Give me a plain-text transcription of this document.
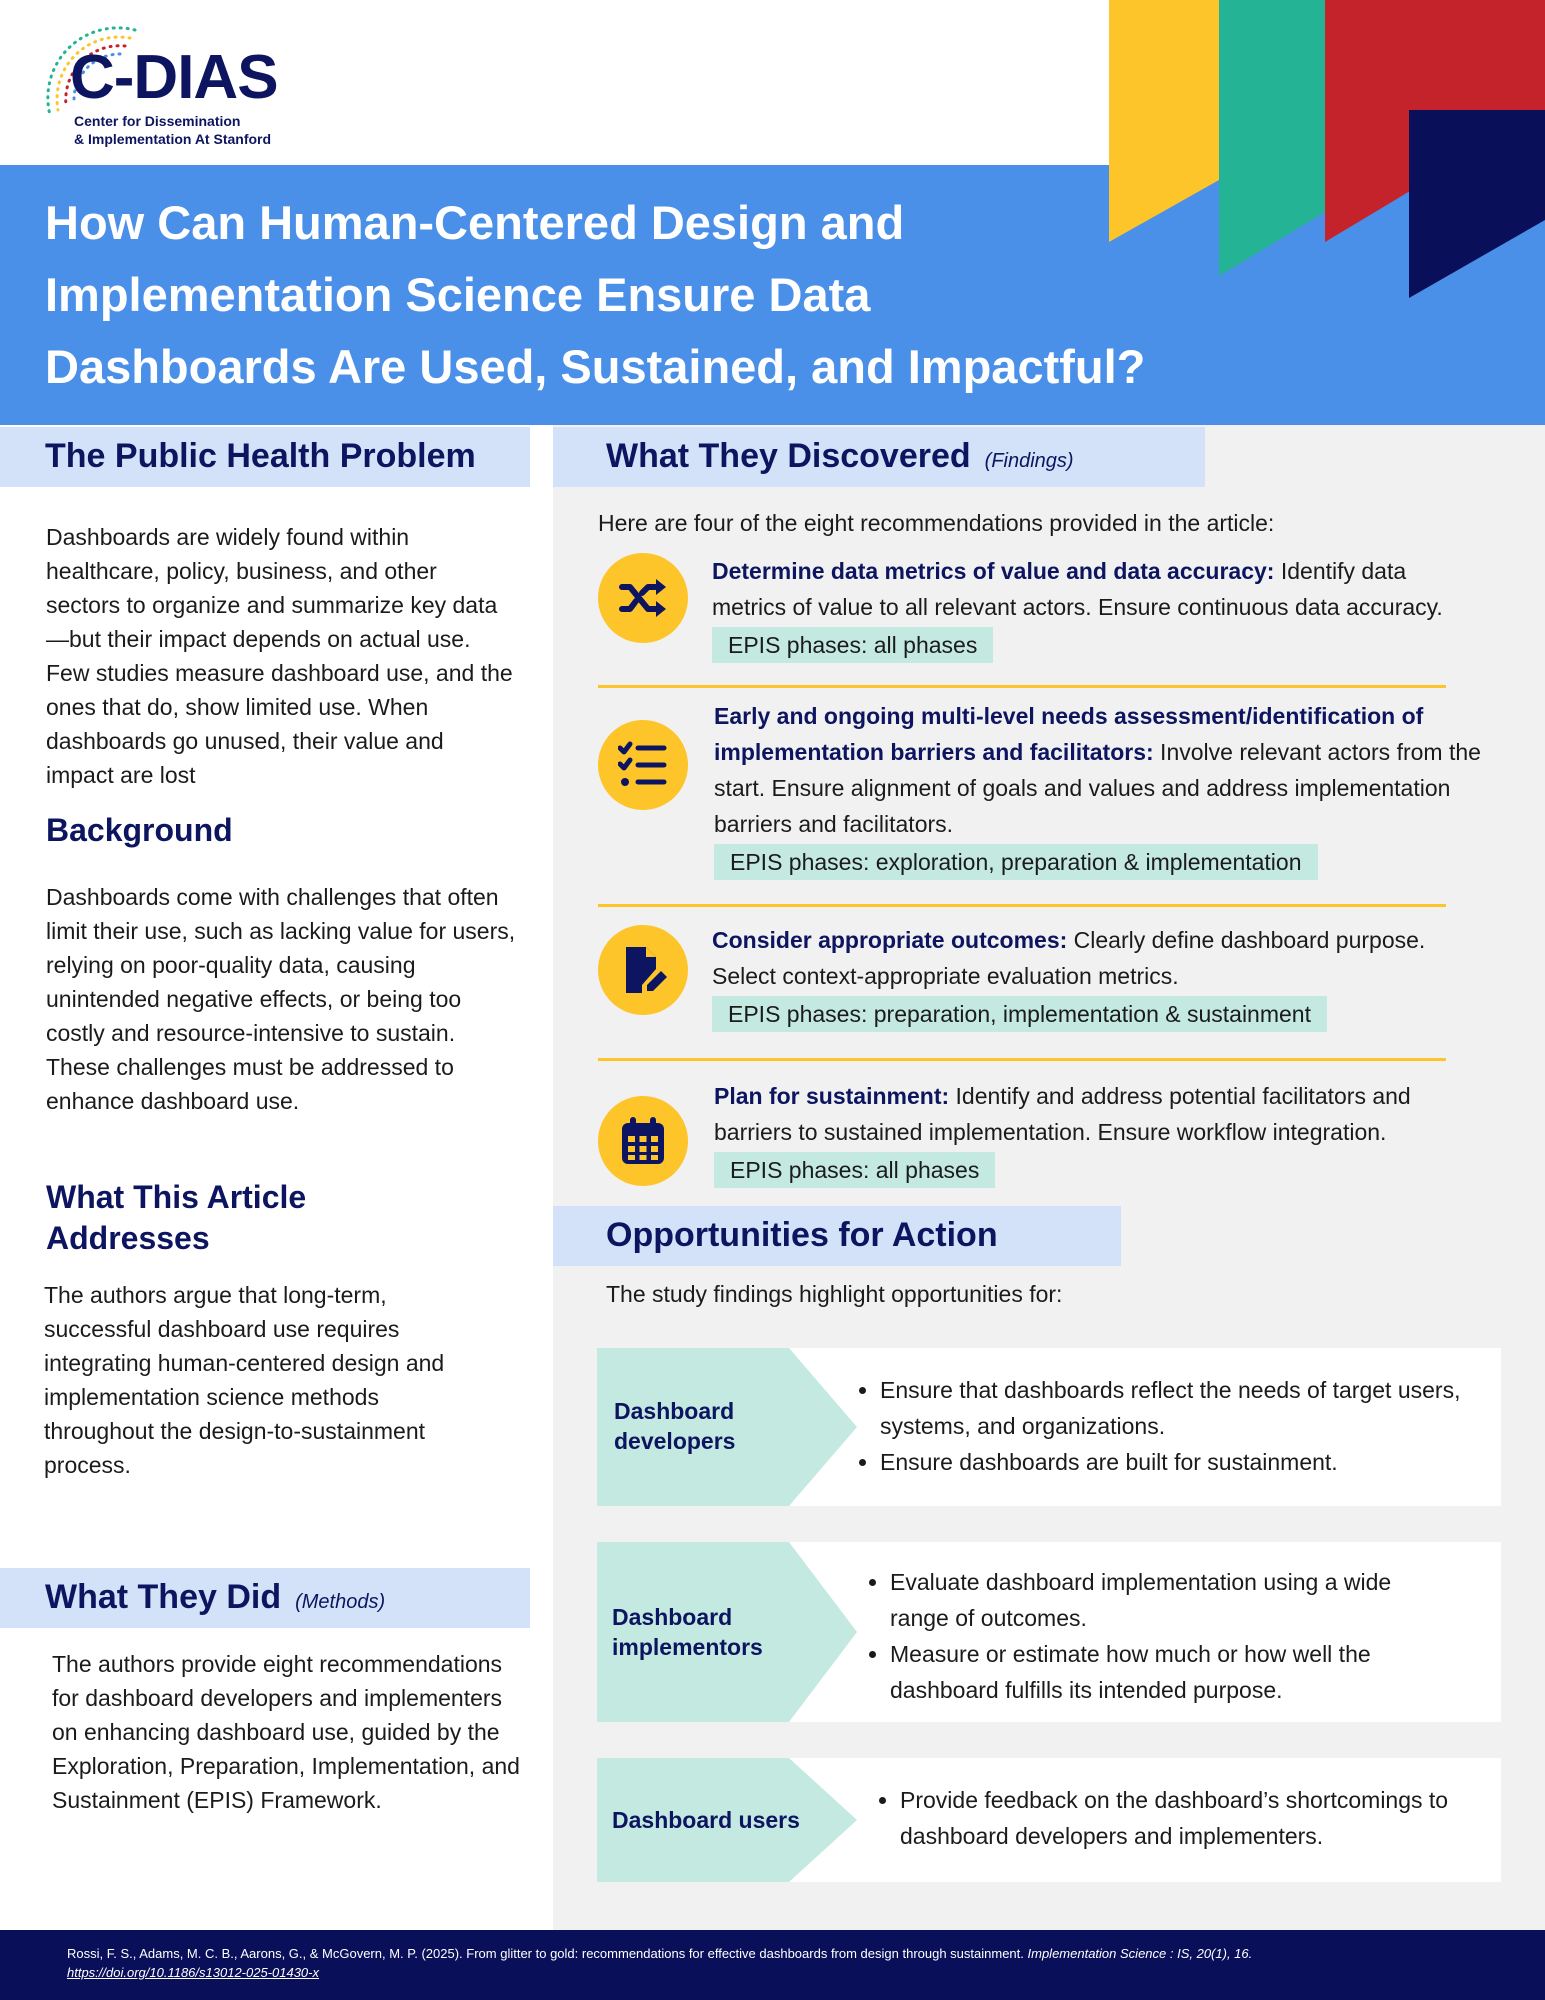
C-DIAS
Center for Dissemination
& Implementation At Stanford
How Can Human-Centered Design and Implementation Science Ensure Data Dashboards Are Used, Sustained, and Impactful?
The Public Health Problem
Dashboards are widely found within healthcare, policy, business, and other sectors to organize and summarize key data—but their impact depends on actual use. Few studies measure dashboard use, and the ones that do, show limited use. When dashboards go unused, their value and impact are lost
Background
Dashboards come with challenges that often limit their use, such as lacking value for users, relying on poor-quality data, causing unintended negative effects, or being too costly and resource-intensive to sustain. These challenges must be addressed to enhance dashboard use.
What This Article
Addresses
The authors argue that long-term, successful dashboard use requires integrating human-centered design and implementation science methods throughout the design-to-sustainment process.
What They Did (Methods)
The authors provide eight recommendations for dashboard developers and implementers on enhancing dashboard use, guided by the Exploration, Preparation, Implementation, and Sustainment (EPIS) Framework.
What They Discovered (Findings)
Here are four of the eight recommendations provided in the article:
Determine data metrics of value and data accuracy: Identify data metrics of value to all relevant actors. Ensure continuous data accuracy.
EPIS phases: all phases
Early and ongoing multi-level needs assessment/identification of implementation barriers and facilitators: Involve relevant actors from the start. Ensure alignment of goals and values and address implementation barriers and facilitators.
EPIS phases: exploration, preparation & implementation
Consider appropriate outcomes: Clearly define dashboard purpose. Select context-appropriate evaluation metrics.
EPIS phases: preparation, implementation & sustainment
Plan for sustainment: Identify and address potential facilitators and barriers to sustained implementation. Ensure workflow integration.
EPIS phases: all phases
Opportunities for Action
The study findings highlight opportunities for:
Dashboard
developers
• Ensure that dashboards reflect the needs of target users, systems, and organizations.
• Ensure dashboards are built for sustainment.
Dashboard
implementors
• Evaluate dashboard implementation using a wide range of outcomes.
• Measure or estimate how much or how well the dashboard fulfills its intended purpose.
Dashboard users
• Provide feedback on the dashboard’s shortcomings to dashboard developers and implementers.
Rossi, F. S., Adams, M. C. B., Aarons, G., & McGovern, M. P. (2025). From glitter to gold: recommendations for effective dashboards from design through sustainment. Implementation Science : IS, 20(1), 16.
https://doi.org/10.1186/s13012-025-01430-x
